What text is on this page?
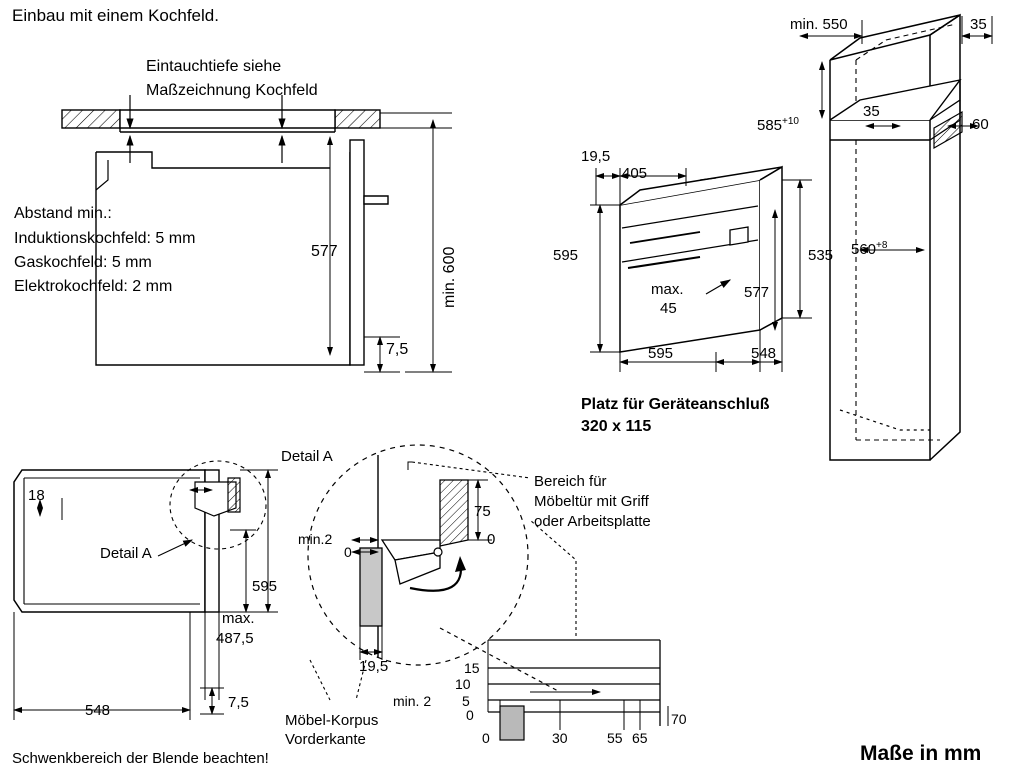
Einbau mit einem Kochfeld.
Eintauchtiefe siehe
Maßzeichnung Kochfeld
Abstand min.:
Induktionskochfeld: 5 mm
Gaskochfeld: 5 mm
Elektrokochfeld: 2 mm
577	min. 600
7,5
19,5
405
595	535
577
max.
45
595	548
Platz für Geräteanschluß
320 x 115
min. 550	35
$585^{+10}$
35
60
$560^{+8}$
18
Detail A
595
max.
487,5
548	7,5
Detail A
min.2
0
75
0
19,5
Bereich für
Möbeltür mit Griff
oder Arbeitsplatte
Möbel-Korpus
Vorderkante
15
10
min. 2 5
0
0	30	55 65
70
Schwenkbereich der Blende beachten!	Maße in mm
